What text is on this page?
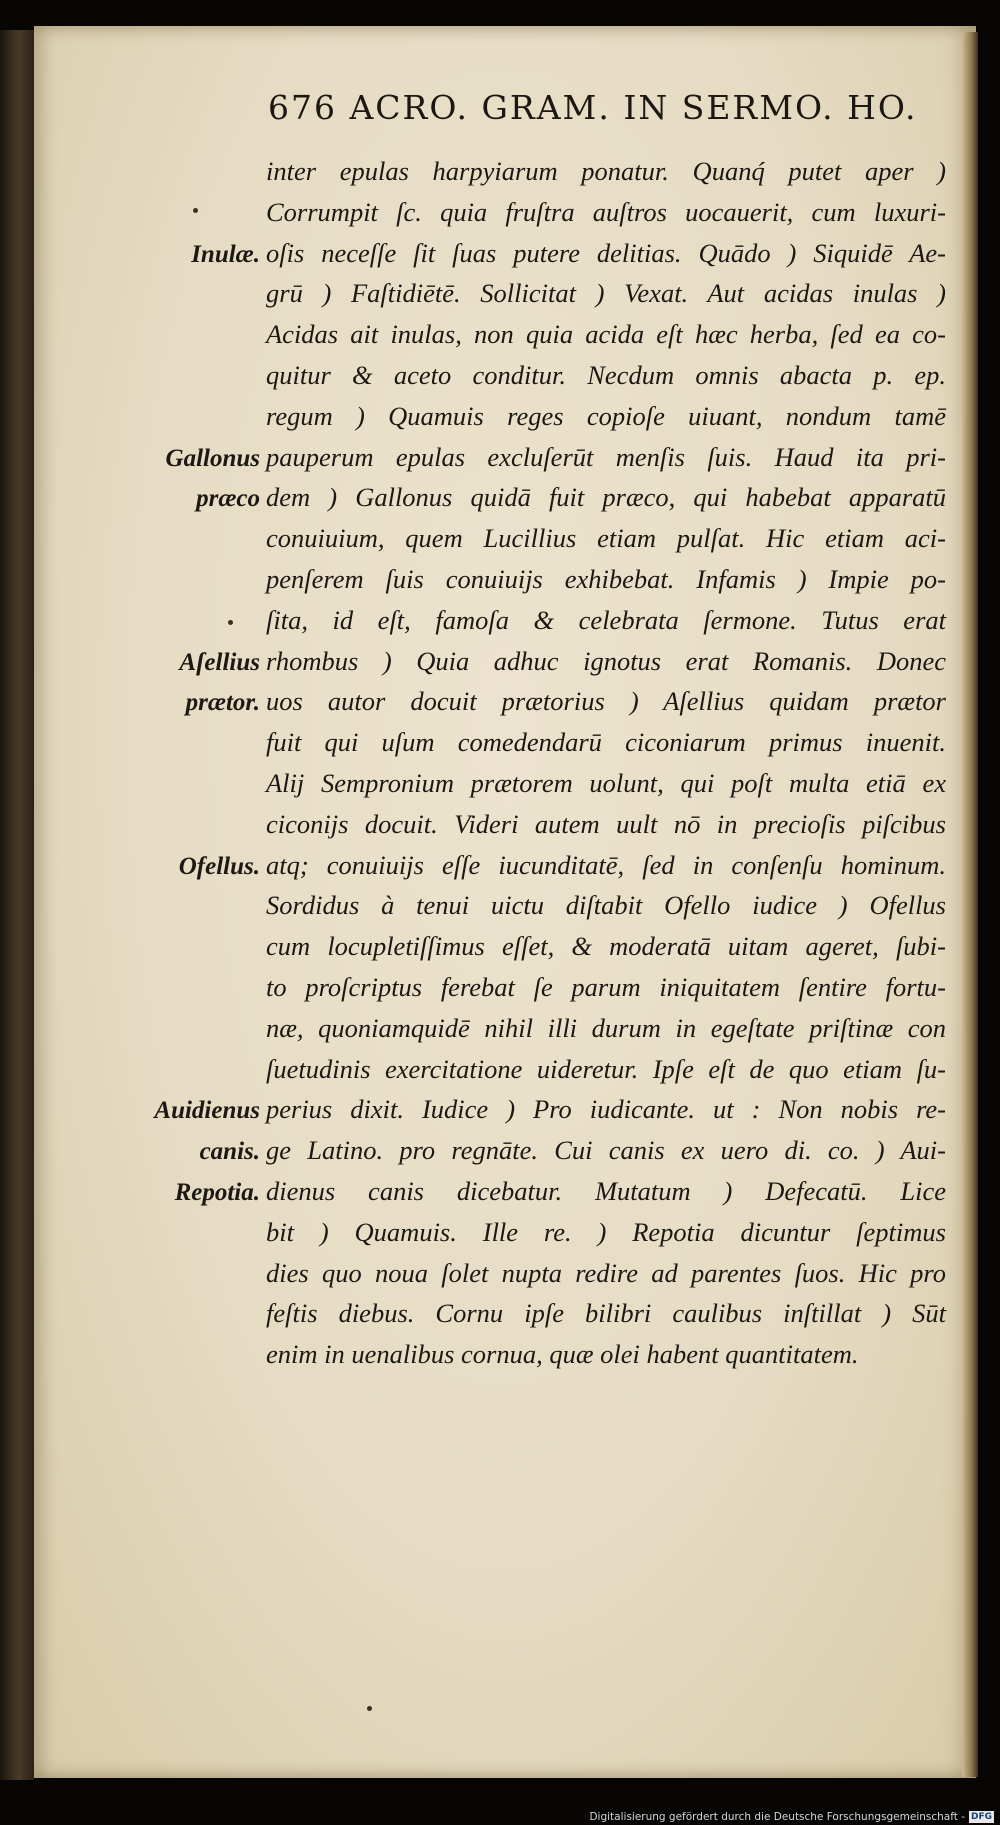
676 ACRO. GRAM. IN SERMO. HO.
inter epulas harpyiarum ponatur. Quanq́ putet aper )
Corrumpit ſc. quia fruſtra auſtros uocauerit, cum luxuri-
oſis neceſſe ſit ſuas putere delitias. Quādo ) Siquidē Ae-
grū ) Faſtidiētē. Sollicitat ) Vexat. Aut acidas inulas )
Acidas ait inulas, non quia acida eſt hæc herba, ſed ea co-
quitur & aceto conditur. Necdum omnis abacta p. ep.
regum ) Quamuis reges copioſe uiuant, nondum tamē
pauperum epulas excluſerūt menſis ſuis. Haud ita pri-
dem ) Gallonus quidā fuit præco, qui habebat apparatū
conuiuium, quem Lucillius etiam pulſat. Hic etiam aci-
penſerem ſuis conuiuijs exhibebat. Infamis ) Impie po-
ſita, id eſt, famoſa & celebrata ſermone. Tutus erat
rhombus ) Quia adhuc ignotus erat Romanis. Donec
uos autor docuit prætorius ) Aſellius quidam prætor
fuit qui uſum comedendarū ciconiarum primus inuenit.
Alij Sempronium prætorem uolunt, qui poſt multa etiā ex
ciconijs docuit. Videri autem uult nō in precioſis piſcibus
atq; conuiuijs eſſe iucunditatē, ſed in conſenſu hominum.
Sordidus à tenui uictu diſtabit Ofello iudice ) Ofellus
cum locupletiſſimus eſſet, & moderatā uitam ageret, ſubi-
to proſcriptus ferebat ſe parum iniquitatem ſentire fortu-
næ, quoniamquidē nihil illi durum in egeſtate priſtinæ con
ſuetudinis exercitatione uideretur. Ipſe eſt de quo etiam ſu-
perius dixit. Iudice ) Pro iudicante. ut : Non nobis re-
ge Latino. pro regnāte. Cui canis ex uero di. co. ) Aui-
dienus canis dicebatur. Mutatum ) Defecatū. Lice
bit ) Quamuis. Ille re. ) Repotia dicuntur ſeptimus
dies quo noua ſolet nupta redire ad parentes ſuos. Hic pro
feſtis diebus. Cornu ipſe bilibri caulibus inſtillat ) Sūt
enim in uenalibus cornua, quæ olei habent quantitatem.
Inulæ.
Gallonus
præco
Aſellius
prætor.
Ofellus.
Auidienus
canis.
Repotia.
Digitalisierung gefördert durch die Deutsche Forschungsgemeinschaft - DFG
